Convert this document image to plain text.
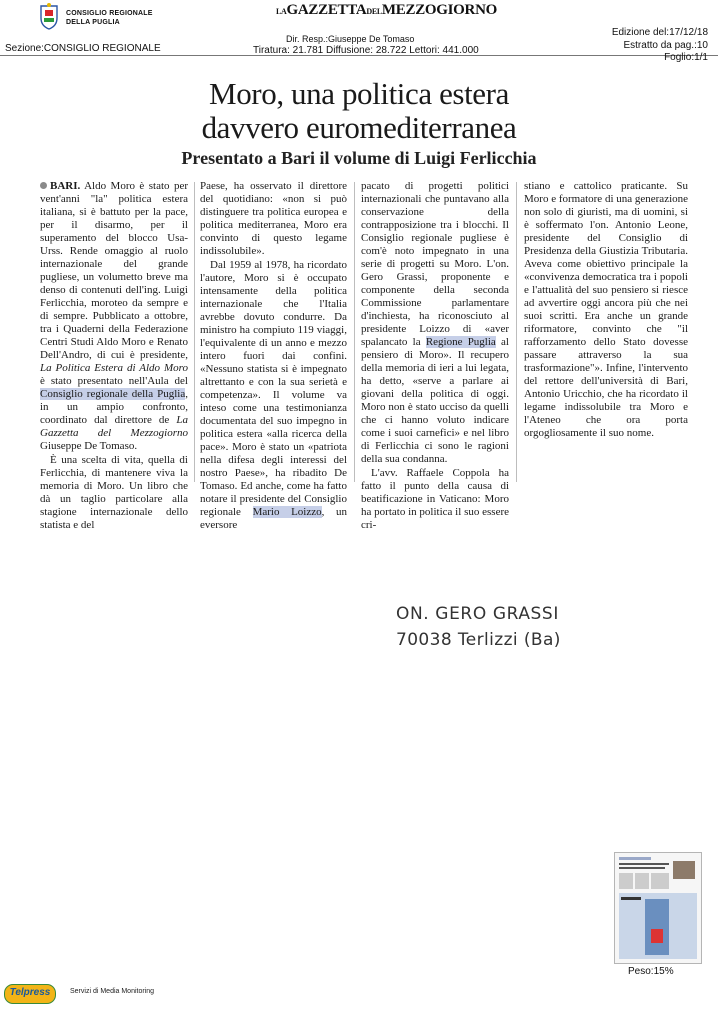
CONSIGLIO REGIONALE
DELLA PUGLIA
Sezione:CONSIGLIO REGIONALE
LAGAZZETTADELMEZZOGIORNO
Dir. Resp.:Giuseppe De Tomaso
Tiratura: 21.781 Diffusione: 28.722 Lettori: 441.000
Edizione del:17/12/18
Estratto da pag.:10
Foglio:1/1
Moro, una politica estera
davvero euromediterranea
Presentato a Bari il volume di Luigi Ferlicchia

BARI. Aldo Moro è stato per vent'anni "la" politica estera italiana, si è battuto per la pace, per il disarmo, per il superamento del blocco Usa-Urss. Rende omaggio al ruolo internazionale del grande pugliese, un volumetto breve ma denso di contenuti dell'ing. Luigi Ferlicchia, moroteo da sempre e di sempre. Pubblicato a ottobre, tra i Quaderni della Federazione Centri Studi Aldo Moro e Renato Dell'Andro, di cui è presidente, La Politica Estera di Aldo Moro è stato presentato nell'Aula del Consiglio regionale della Puglia, in un ampio confronto, coordinato dal direttore de La Gazzetta del Mezzogiorno Giuseppe De Tomaso.

È una scelta di vita, quella di Ferlicchia, di mantenere viva la memoria di Moro. Un libro che dà un taglio particolare alla stagione internazionale dello statista e del

Paese, ha osservato il direttore del quotidiano: «non si può distinguere tra politica europea e politica mediterranea, Moro era convinto di questo legame indissolubile».

Dal 1959 al 1978, ha ricordato l'autore, Moro si è occupato intensamente della politica internazionale che l'Italia avrebbe dovuto condurre. Da ministro ha compiuto 119 viaggi, l'equivalente di un anno e mezzo intero fuori dai confini. «Nessuno statista si è impegnato altrettanto e con la sua serietà e competenza». Il volume va inteso come una testimonianza documentata del suo impegno in politica estera «alla ricerca della pace». Moro è stato un «patriota nella difesa degli interessi del nostro Paese», ha ribadito De Tomaso. Ed anche, come ha fatto notare il presidente del Consiglio regionale Mario Loizzo, un eversore

pacato di progetti politici internazionali che puntavano alla conservazione della contrapposizione tra i blocchi. Il Consiglio regionale pugliese è com'è noto impegnato in una serie di progetti su Moro. L'on. Gero Grassi, proponente e componente della seconda Commissione parlamentare d'inchiesta, ha riconosciuto al presidente Loizzo di «aver spalancato la Regione Puglia al pensiero di Moro». Il recupero della memoria di ieri a lui legata, ha detto, «serve a parlare ai giovani della politica di oggi. Moro non è stato ucciso da quelli che ci hanno voluto indicare come i suoi carnefici» e nel libro di Ferlicchia ci sono le ragioni della sua condanna.

L'avv. Raffaele Coppola ha fatto il punto della causa di beatificazione in Vaticano: Moro ha portato in politica il suo essere cri-

stiano e cattolico praticante. Su Moro e formatore di una generazione non solo di giuristi, ma di uomini, si è soffermato l'on. Antonio Leone, presidente del Consiglio di Presidenza della Giustizia Tributaria. Aveva come obiettivo principale la «convivenza democratica tra i popoli e l'attualità del suo pensiero si riesce ad avvertire oggi ancora più che nei suoi scritti. Era anche un grande riformatore, convinto che "il rafforzamento dello Stato dovesse passare attraverso la sua trasformazione"». Infine, l'intervento del rettore dell'università di Bari, Antonio Uricchio, che ha ricordato il legame indissolubile tra Moro e l'Ateneo che ora porta orgogliosamente il suo nome.

ON. GERO GRASSI
70038 Terlizzi (Ba)
Peso:15%
Telpress	Servizi di Media Monitoring
